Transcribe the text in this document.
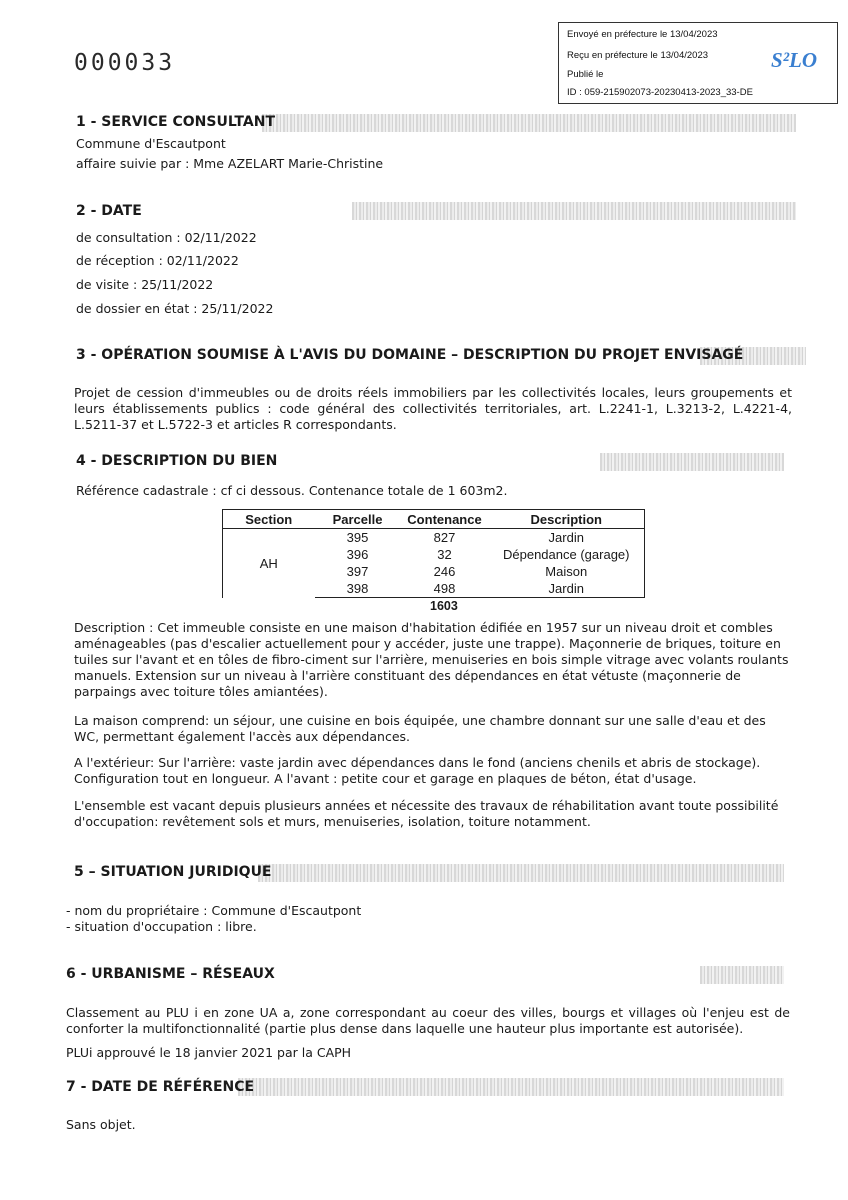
000033
Envoyé en préfecture le 13/04/2023
Reçu en préfecture le 13/04/2023
Publié le
ID : 059-215902073-20230413-2023_33-DE
S²LO
1 - SERVICE CONSULTANT
Commune d'Escautpont
affaire suivie par : Mme AZELART Marie-Christine
2 - DATE
de consultation : 02/11/2022
de réception : 02/11/2022
de visite : 25/11/2022
de dossier en état : 25/11/2022
3 - OPÉRATION SOUMISE À L'AVIS DU DOMAINE – DESCRIPTION DU PROJET ENVISAGÉ
Projet de cession d'immeubles ou de droits réels immobiliers par les collectivités locales, leurs groupements et leurs établissements publics : code général des collectivités territoriales, art. L.2241-1, L.3213-2, L.4221-4, L.5211-37 et L.5722-3 et articles R correspondants.
4 - DESCRIPTION DU BIEN
Référence cadastrale : cf ci dessous. Contenance totale de 1 603m2.
Section	Parcelle	Contenance	Description
AH	395	827	Jardin
	396	32	Dépendance (garage)
	397	246	Maison
	398	498	Jardin
1603
Description : Cet immeuble consiste en une maison d'habitation édifiée en 1957 sur un niveau droit et combles aménageables (pas d'escalier actuellement pour y accéder, juste une trappe). Maçonnerie de briques, toiture en tuiles sur l'avant et en tôles de fibro-ciment sur l'arrière, menuiseries en bois simple vitrage avec volants roulants manuels. Extension sur un niveau à l'arrière constituant des dépendances en état vétuste (maçonnerie de parpaings avec toiture tôles amiantées).
La maison comprend: un séjour, une cuisine en bois équipée, une chambre donnant sur une salle d'eau et des WC, permettant également l'accès aux dépendances.
A l'extérieur: Sur l'arrière: vaste jardin avec dépendances dans le fond (anciens chenils et abris de stockage). Configuration tout en longueur. A l'avant : petite cour et garage en plaques de béton, état d'usage.
L'ensemble est vacant depuis plusieurs années et nécessite des travaux de réhabilitation avant toute possibilité d'occupation: revêtement sols et murs, menuiseries, isolation, toiture notamment.
5 – SITUATION JURIDIQUE
- nom du propriétaire : Commune d'Escautpont
- situation d'occupation : libre.
6 - URBANISME – RÉSEAUX
Classement au PLU i en zone UA a, zone correspondant au coeur des villes, bourgs et villages où l'enjeu est de conforter la multifonctionnalité (partie plus dense dans laquelle une hauteur plus importante est autorisée).
PLUi approuvé le 18 janvier 2021 par la CAPH
7 - DATE DE RÉFÉRENCE
Sans objet.
